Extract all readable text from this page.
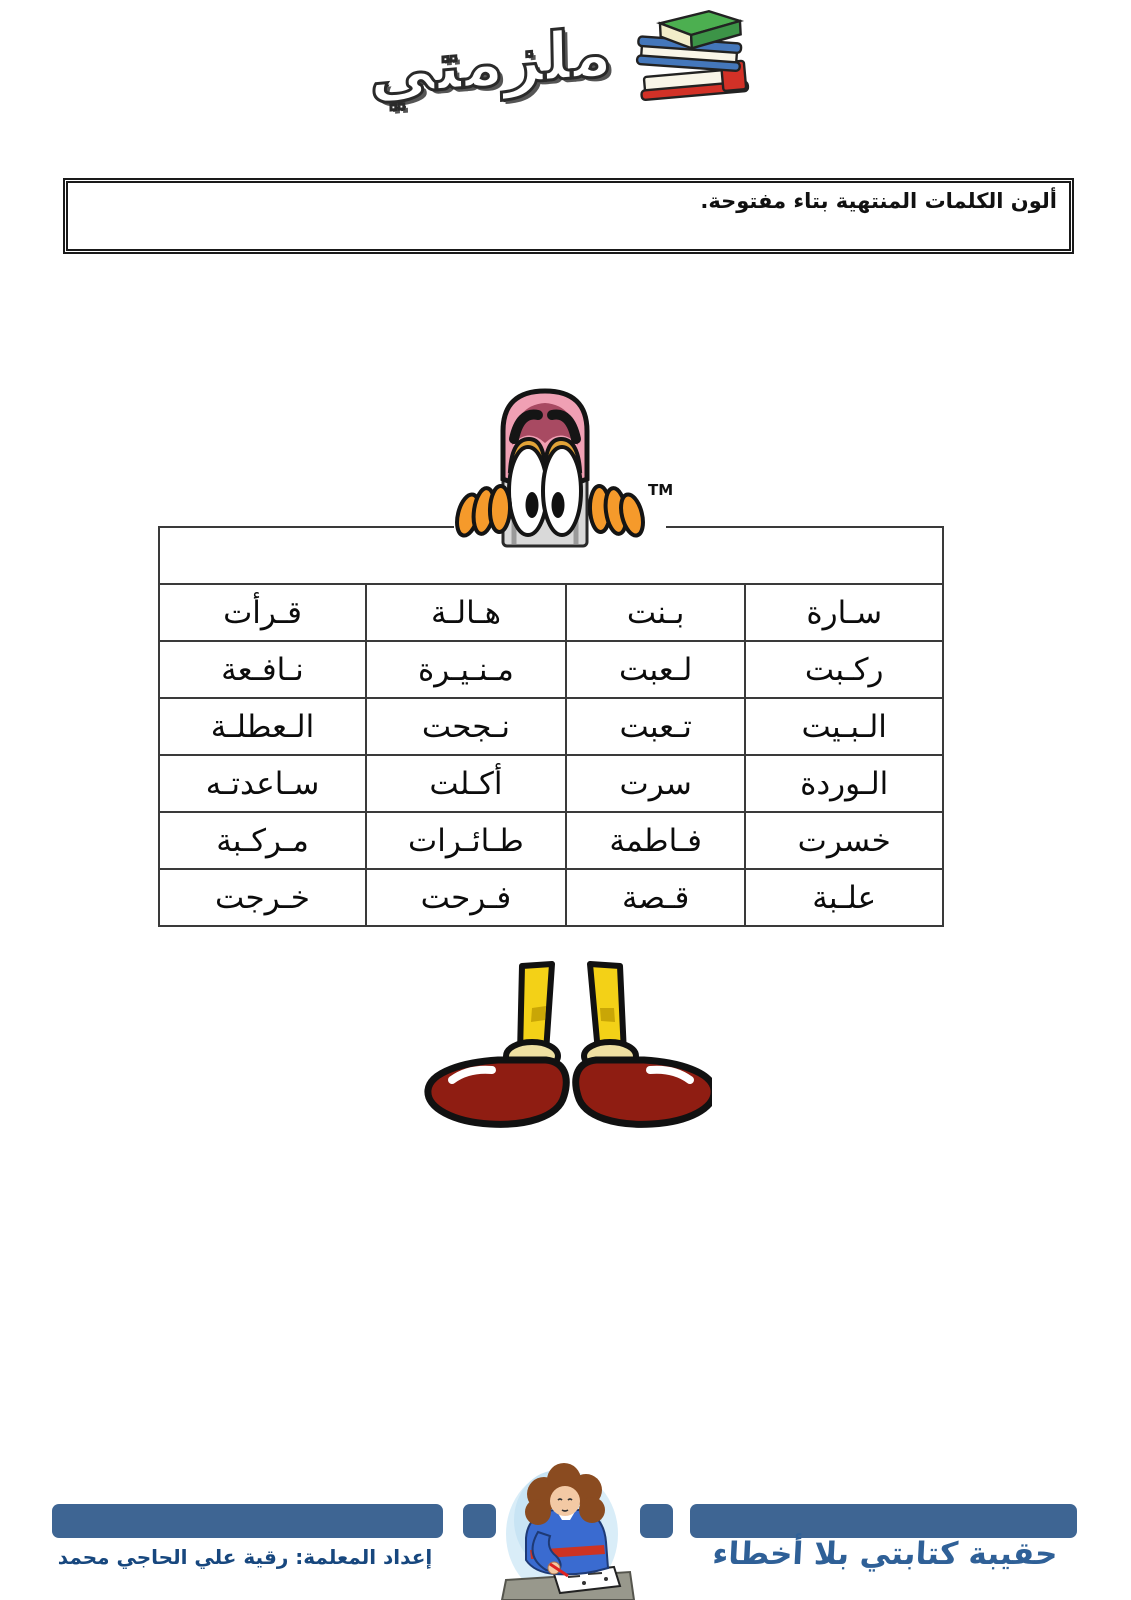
ملزمتي
ألون الكلمات المنتهية بتاء مفتوحة.
TM

سـارة	بـنت	هـالـة	قـرأت
ركـبت	لـعبت	مـنـيـرة	نـافـعة
الـبـيت	تـعبت	نـجحت	الـعطلـة
الـوردة	سرت	أكـلت	سـاعدتـه
خسرت	فـاطمة	طـائـرات	مـركـبة
علـبة	قـصة	فـرحت	خـرجت
إعداد المعلمة: رقية علي الحاجي محمد	حقيبة كتابتي بلا أخطاء
